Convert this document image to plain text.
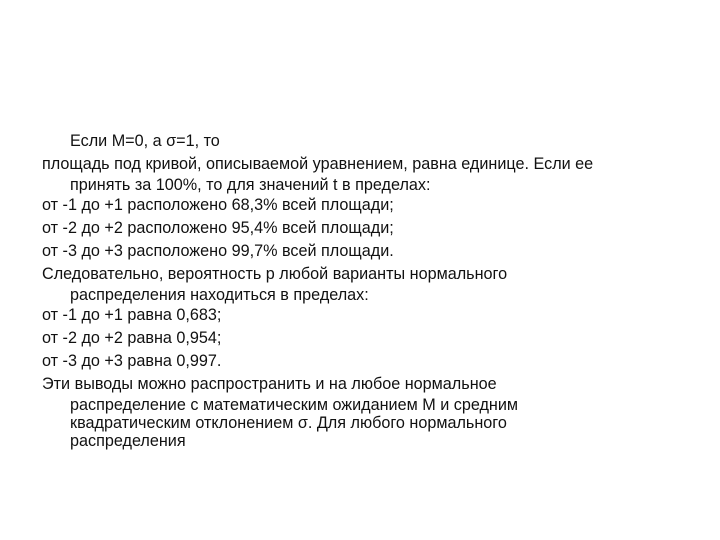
Если М=0, а σ=1, то
площадь под кривой, описываемой уравнением, равна единице. Если ее
принять за 100%, то для значений t в пределах:
от -1 до +1 расположено 68,3% всей площади;
от -2 до +2 расположено 95,4% всей площади;
от -3 до +3 расположено 99,7% всей площади.
Следовательно, вероятность р любой варианты нормального
распределения находиться в пределах:
от -1 до +1 равна 0,683;
от -2 до +2 равна 0,954;
от -3 до +3 равна 0,997.
Эти выводы можно распространить и на любое нормальное
распределение с математическим ожиданием М и средним
квадратическим отклонением σ. Для любого нормального
распределения
